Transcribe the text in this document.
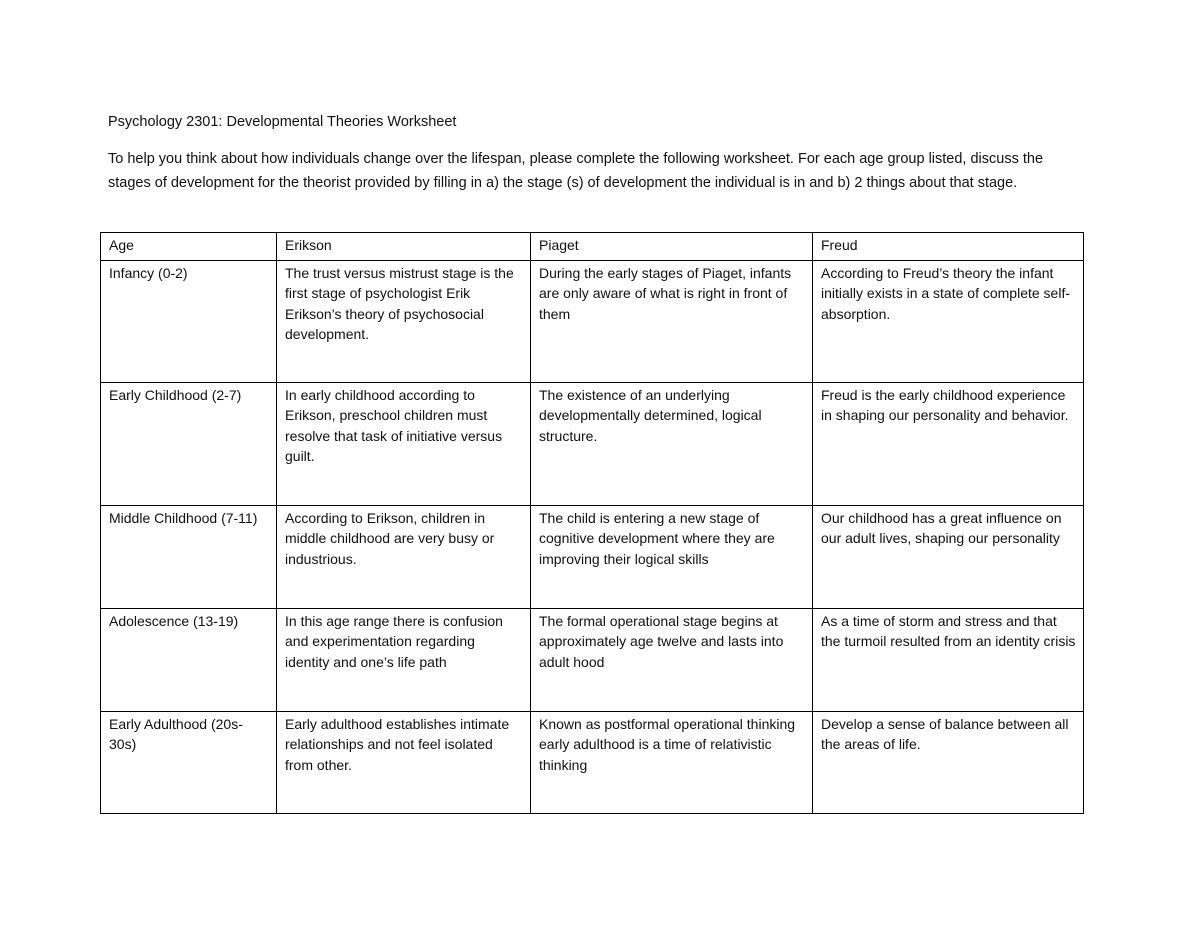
Psychology 2301: Developmental Theories Worksheet
To help you think about how individuals change over the lifespan, please complete the following worksheet. For each age group listed, discuss the stages of development for the theorist provided by filling in a) the stage (s) of development the individual is in and b) 2 things about that stage.
Age	Erikson	Piaget	Freud
Infancy (0-2)	The trust versus mistrust stage is the first stage of psychologist Erik Erikson’s theory of psychosocial development.	During the early stages of Piaget, infants are only aware of what is right in front of them	According to Freud’s theory the infant initially exists in a state of complete self-absorption.
Early Childhood (2-7)	In early childhood according to Erikson, preschool children must resolve that task of initiative versus guilt.	The existence of an underlying developmentally determined, logical structure.	Freud is the early childhood experience in shaping our personality and behavior.
Middle Childhood (7-11)	According to Erikson, children in middle childhood are very busy or industrious.	The child is entering a new stage of cognitive development where they are improving their logical skills	Our childhood has a great influence on our adult lives, shaping our personality
Adolescence (13-19)	In this age range there is confusion and experimentation regarding identity and one’s life path	The formal operational stage begins at approximately age twelve and lasts into adult hood	As a time of storm and stress and that the turmoil resulted from an identity crisis
Early Adulthood (20s-30s)	Early adulthood establishes intimate relationships and not feel isolated from other.	Known as postformal operational thinking early adulthood is a time of relativistic thinking	Develop a sense of balance between all the areas of life.
